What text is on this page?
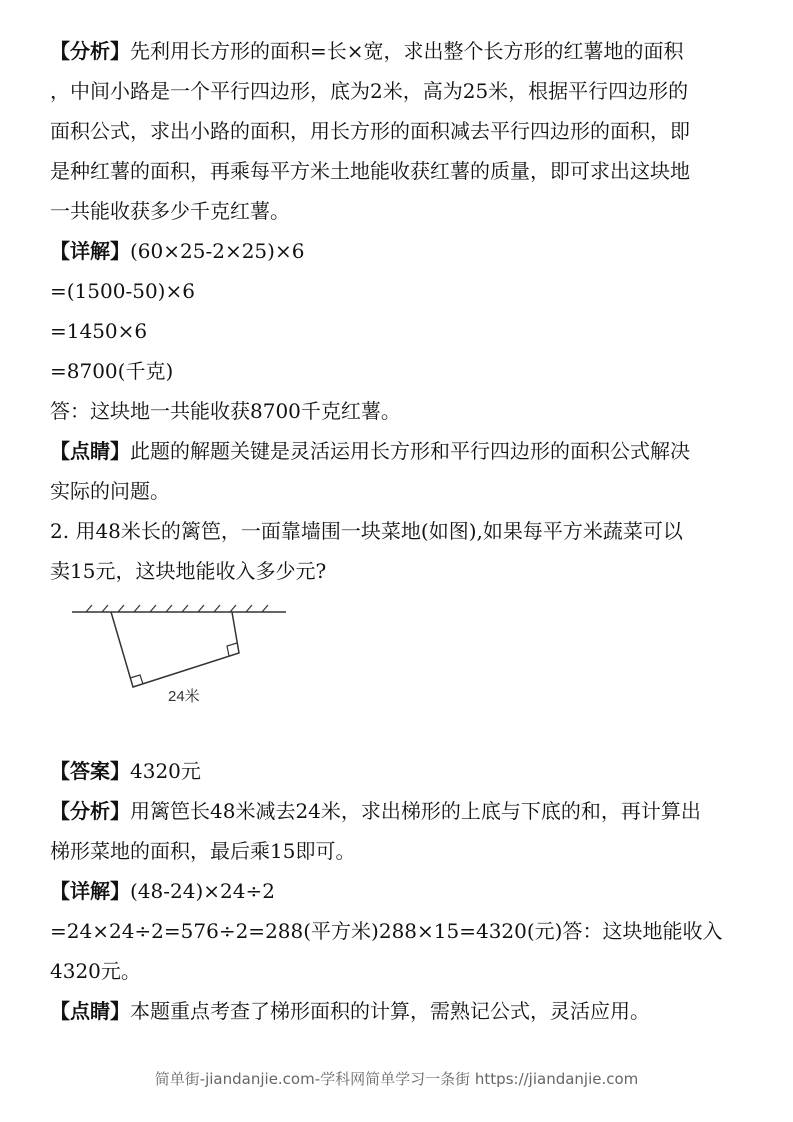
【分析】先利用长方形的面积=长×宽，求出整个长方形的红薯地的面积
，中间小路是一个平行四边形，底为2米，高为25米，根据平行四边形的
面积公式，求出小路的面积，用长方形的面积减去平行四边形的面积，即
是种红薯的面积，再乘每平方米土地能收获红薯的质量，即可求出这块地
一共能收获多少千克红薯。
【详解】(60×25-2×25)×6
=(1500-50)×6
=1450×6
=8700(千克)
答：这块地一共能收获8700千克红薯。
【点睛】此题的解题关键是灵活运用长方形和平行四边形的面积公式解决
实际的问题。
2. 用48米长的篱笆，一面靠墙围一块菜地(如图),如果每平方米蔬菜可以
卖15元，这块地能收入多少元?
【答案】4320元
【分析】用篱笆长48米减去24米，求出梯形的上底与下底的和，再计算出
梯形菜地的面积，最后乘15即可。
【详解】(48-24)×24÷2
=24×24÷2=576÷2=288(平方米)288×15=4320(元)答：这块地能收入
4320元。
【点睛】本题重点考查了梯形面积的计算，需熟记公式，灵活应用。
24米
简单街-jiandanjie.com-学科网简单学习一条街 https://jiandanjie.com
